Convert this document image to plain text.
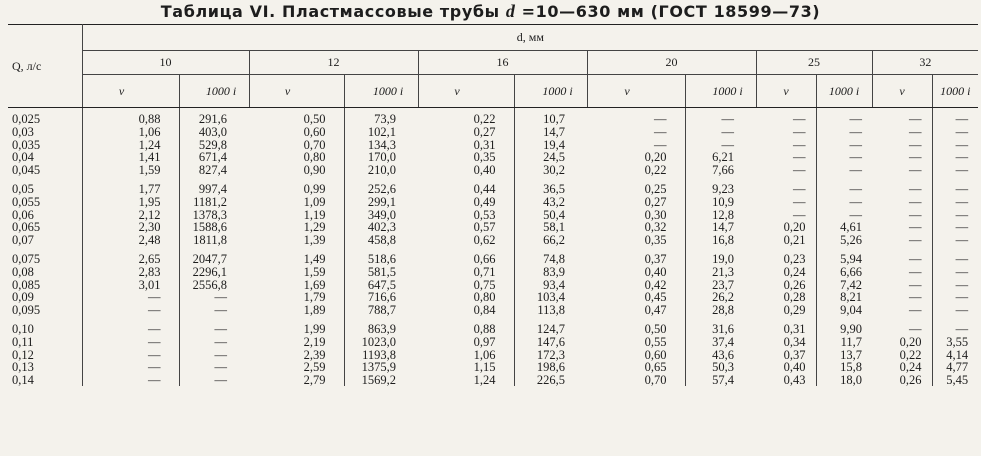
Таблица VI. Пластмассовые трубы d =10—630 мм (ГОСТ 18599—73)
Q, л/с	d, мм											
	10		12		16		20		25		32	
	v	1000 i	v	1000 i	v	1000 i	v	1000 i	v	1000 i	v	1000 i
0,025	0,88	291,6	0,50	73,9	0,22	10,7	—	—	—	—	—	—
0,03	1,06	403,0	0,60	102,1	0,27	14,7	—	—	—	—	—	—
0,035	1,24	529,8	0,70	134,3	0,31	19,4	—	—	—	—	—	—
0,04	1,41	671,4	0,80	170,0	0,35	24,5	0,20	6,21	—	—	—	—
0,045	1,59	827,4	0,90	210,0	0,40	30,2	0,22	7,66	—	—	—	—

0,05	1,77	997,4	0,99	252,6	0,44	36,5	0,25	9,23	—	—	—	—
0,055	1,95	1181,2	1,09	299,1	0,49	43,2	0,27	10,9	—	—	—	—
0,06	2,12	1378,3	1,19	349,0	0,53	50,4	0,30	12,8	—	—	—	—
0,065	2,30	1588,6	1,29	402,3	0,57	58,1	0,32	14,7	0,20	4,61	—	—
0,07	2,48	1811,8	1,39	458,8	0,62	66,2	0,35	16,8	0,21	5,26	—	—

0,075	2,65	2047,7	1,49	518,6	0,66	74,8	0,37	19,0	0,23	5,94	—	—
0,08	2,83	2296,1	1,59	581,5	0,71	83,9	0,40	21,3	0,24	6,66	—	—
0,085	3,01	2556,8	1,69	647,5	0,75	93,4	0,42	23,7	0,26	7,42	—	—
0,09	—	—	1,79	716,6	0,80	103,4	0,45	26,2	0,28	8,21	—	—
0,095	—	—	1,89	788,7	0,84	113,8	0,47	28,8	0,29	9,04	—	—

0,10	—	—	1,99	863,9	0,88	124,7	0,50	31,6	0,31	9,90	—	—
0,11	—	—	2,19	1023,0	0,97	147,6	0,55	37,4	0,34	11,7	0,20	3,55
0,12	—	—	2,39	1193,8	1,06	172,3	0,60	43,6	0,37	13,7	0,22	4,14
0,13	—	—	2,59	1375,9	1,15	198,6	0,65	50,3	0,40	15,8	0,24	4,77
0,14	—	—	2,79	1569,2	1,24	226,5	0,70	57,4	0,43	18,0	0,26	5,45
